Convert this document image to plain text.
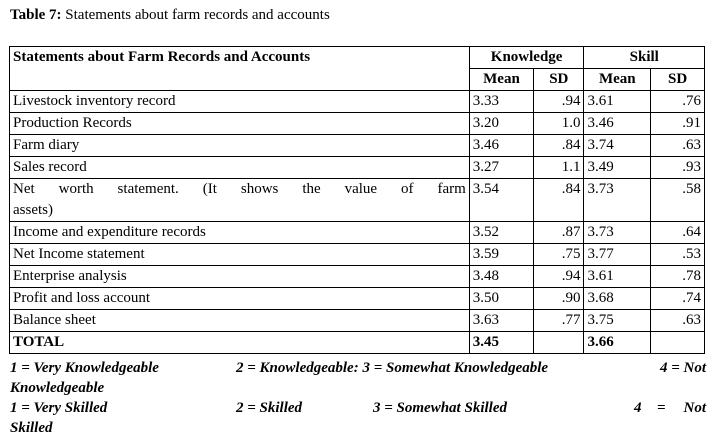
Table 7: Statements about farm records and accounts
Statements about Farm Records and Accounts	Knowledge		Skill	
	Mean	SD	Mean	SD
Livestock inventory record	3.33	.94	3.61	.76
Production Records	3.20	1.0	3.46	.91
Farm diary	3.46	.84	3.74	.63
Sales record	3.27	1.1	3.49	.93

Net worth statement. (It shows the value of farm
assets)	3.54	.84	3.73	.58
Income and expenditure records	3.52	.87	3.73	.64
Net Income statement	3.59	.75	3.77	.53
Enterprise analysis	3.48	.94	3.61	.78
Profit and loss account	3.50	.90	3.68	.74
Balance sheet	3.63	.77	3.75	.63
TOTAL	3.45		3.66	
1 = Very Knowledgeable	2 = Knowledgeable: 3 = Somewhat Knowledgeable	4 = Not
Knowledgeable
1 = Very Skilled	2 = Skilled	3 = Somewhat Skilled	4 = Not
Skilled
